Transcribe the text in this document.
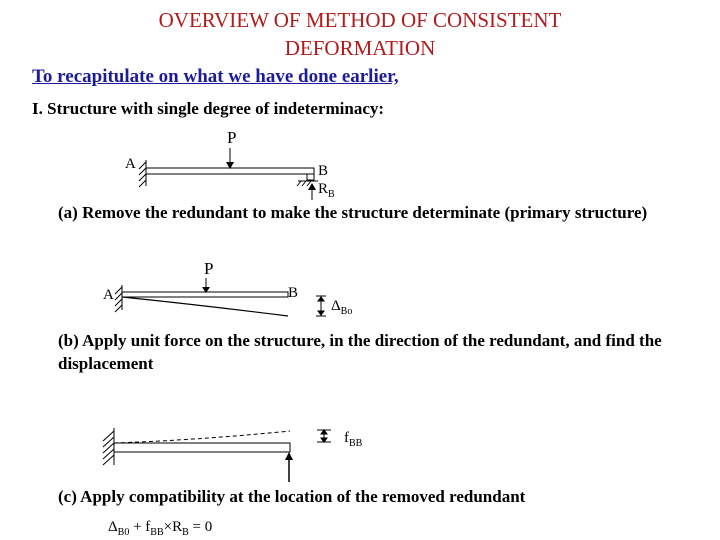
OVERVIEW OF METHOD OF CONSISTENT
DEFORMATION
To recapitulate on what we have done earlier,
I. Structure with single degree of indeterminacy:
P
A	B
$R_B$
(a) Remove the redundant to make the structure determinate (primary structure)
P
A	B
$\Delta_{Bo}$
(b) Apply unit force on the structure, in the direction of the redundant, and find the displacement
$f_{BB}$
(c) Apply compatibility at the location of the removed redundant
$\Delta_{B0} + f_{BB}\times R_B = 0$
